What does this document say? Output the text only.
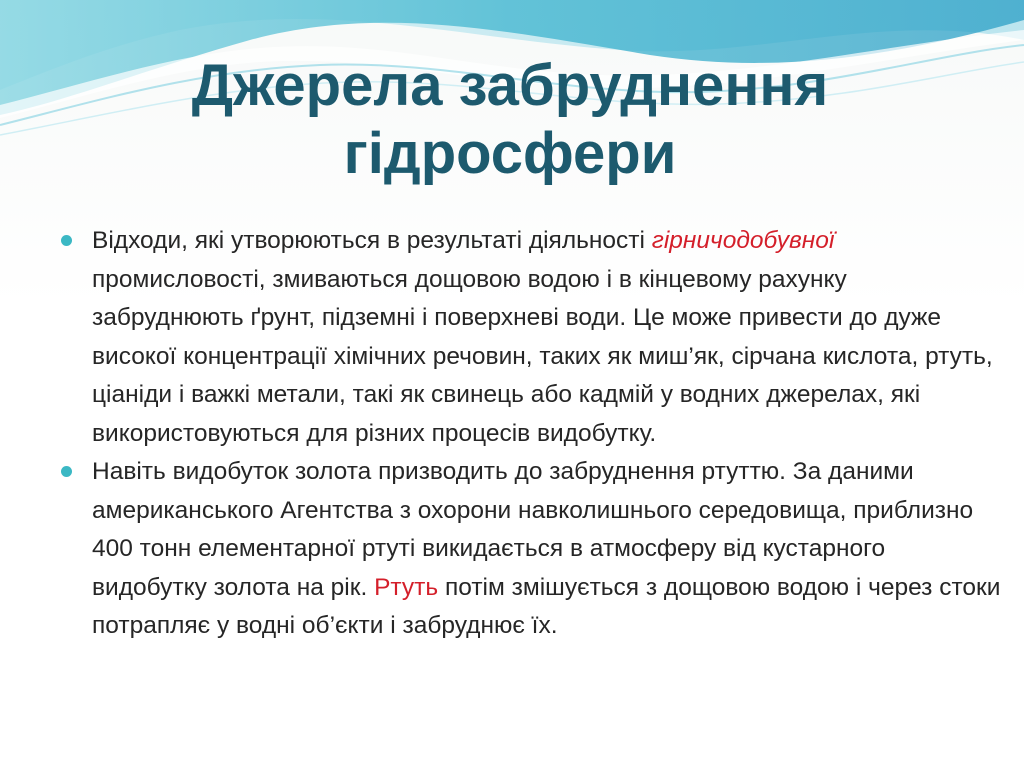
Джерела забруднення
гідросфери
Відходи, які утворюються в результаті діяльності гірничодобувної промисловості, змиваються дощовою водою і в кінцевому рахунку забруднюють ґрунт, підземні і поверхневі води. Це може привести до дуже високої концентрації хімічних речовин, таких як миш’як, сірчана кислота, ртуть, ціаніди і важкі метали, такі як свинець або кадмій у водних джерелах, які використовуються для різних процесів видобутку.
Навіть видобуток золота призводить до забруднення ртуттю. За даними американського Агентства з охорони навколишнього середовища, приблизно 400 тонн елементарної ртуті викидається в атмосферу від кустарного видобутку золота на рік. Ртуть потім змішується з дощовою водою і через стоки потрапляє у водні об’єкти і забруднює їх.
